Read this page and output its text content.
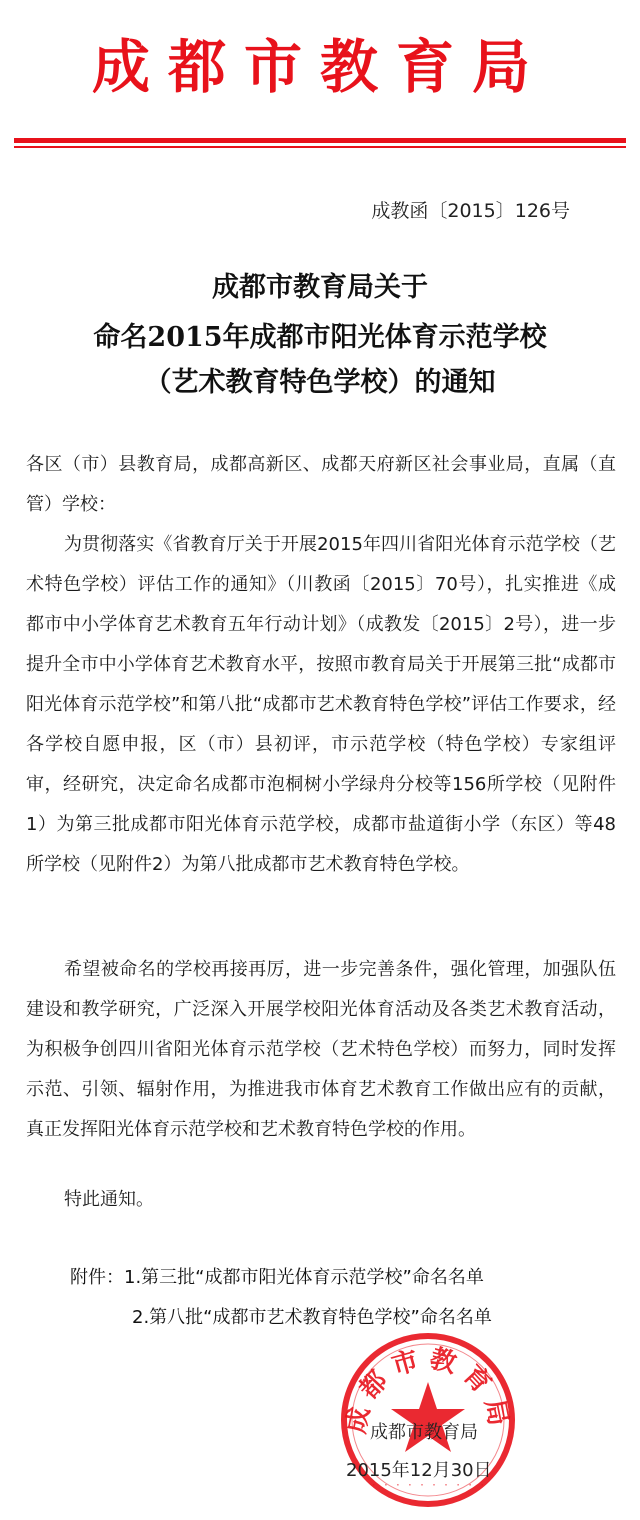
成都市教育局
成教函〔2015〕126号
成都市教育局关于
命名2015年成都市阳光体育示范学校
（艺术教育特色学校）的通知

各区（市）县教育局，成都高新区、成都天府新区社会事业局，直属（直管）学校：

为贯彻落实《省教育厅关于开展2015年四川省阳光体育示范学校（艺术特色学校）评估工作的通知》（川教函〔2015〕70号），扎实推进《成都市中小学体育艺术教育五年行动计划》（成教发〔2015〕2号），进一步提升全市中小学体育艺术教育水平，按照市教育局关于开展第三批“成都市阳光体育示范学校”和第八批“成都市艺术教育特色学校”评估工作要求，经各学校自愿申报，区（市）县初评，市示范学校（特色学校）专家组评审，经研究，决定命名成都市泡桐树小学绿舟分校等156所学校（见附件1）为第三批成都市阳光体育示范学校，成都市盐道街小学（东区）等48所学校（见附件2）为第八批成都市艺术教育特色学校。

希望被命名的学校再接再厉，进一步完善条件，强化管理，加强队伍建设和教学研究，广泛深入开展学校阳光体育活动及各类艺术教育活动，为积极争创四川省阳光体育示范学校（艺术特色学校）而努力，同时发挥示范、引领、辐射作用，为推进我市体育艺术教育工作做出应有的贡献，真正发挥阳光体育示范学校和艺术教育特色学校的作用。

特此通知。

附件：1.第三批“成都市阳光体育示范学校”命名名单
2.第八批“成都市艺术教育特色学校”命名名单
成都市教育局
· · · · · · · · · ·
成都市教育局
2015年12月30日
